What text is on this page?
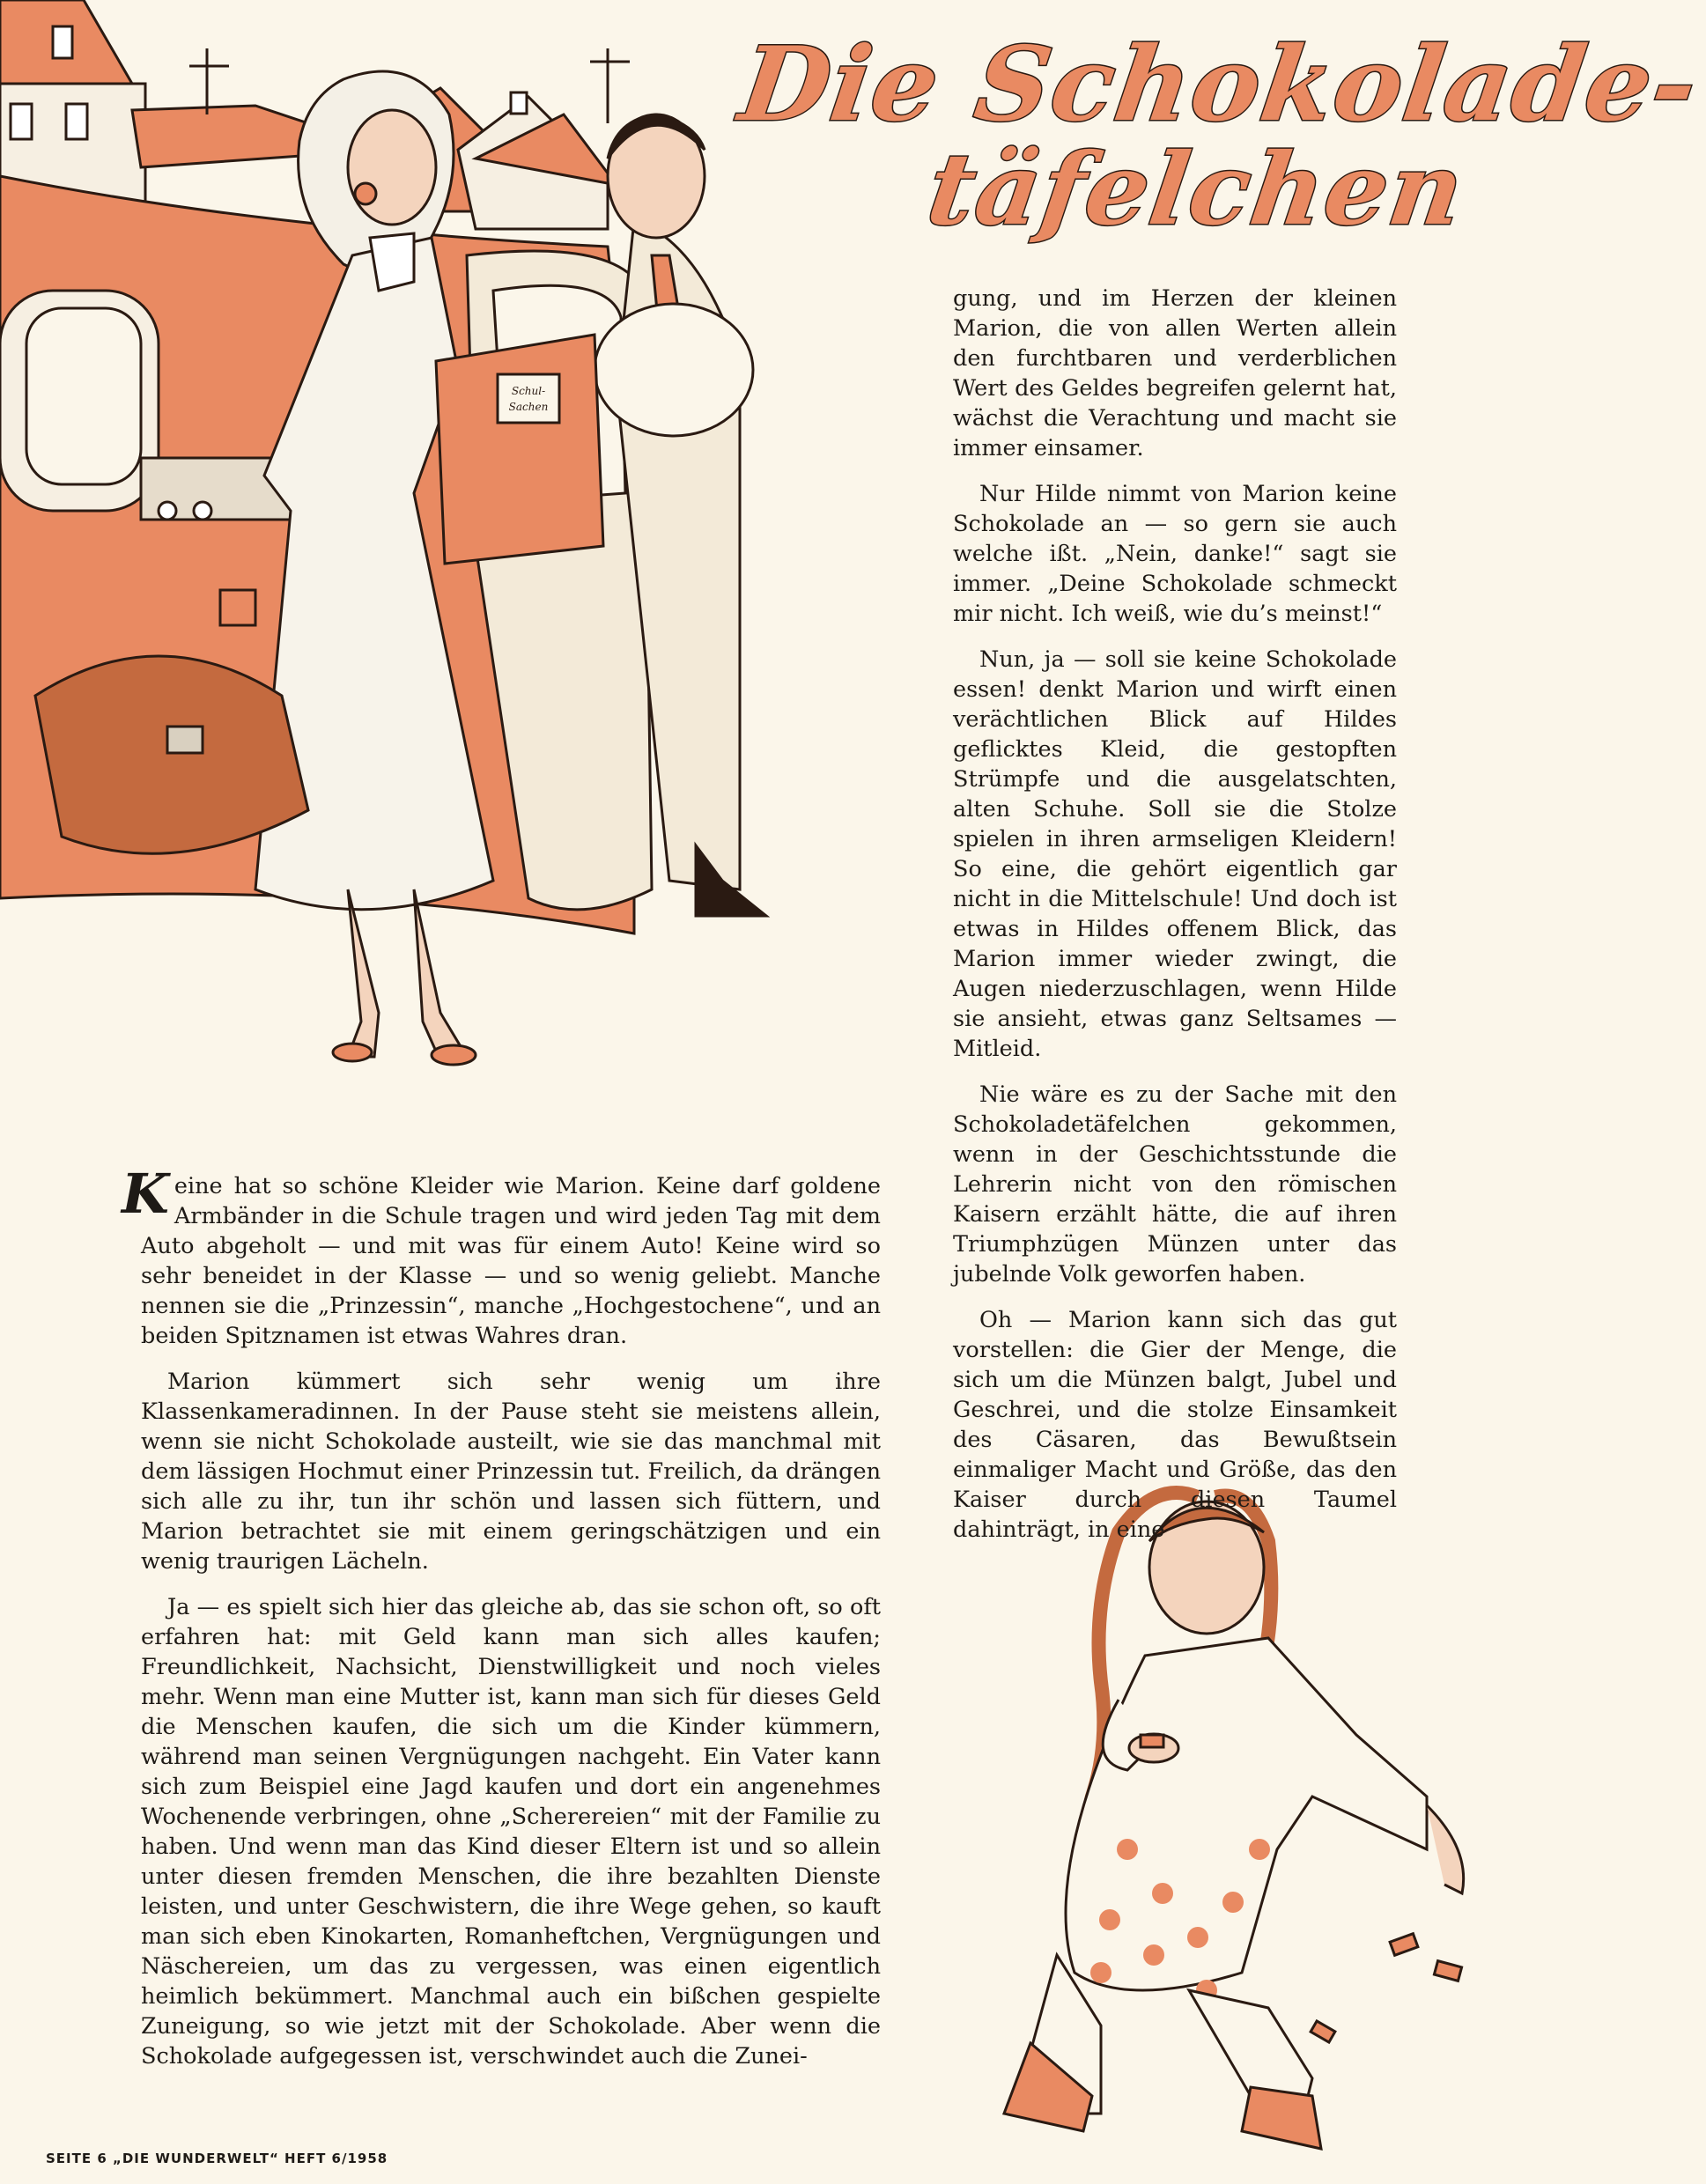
Schul-
Sachen
Die Schokolade-
täfelchen

gung, und im Herzen der kleinen Marion, die von allen Werten allein den furchtbaren und verderblichen Wert des Geldes begreifen gelernt hat, wächst die Verachtung und macht sie immer einsamer.

Nur Hilde nimmt von Marion keine Schokolade an — so gern sie auch welche ißt. „Nein, danke!“ sagt sie immer. „Deine Schokolade schmeckt mir nicht. Ich weiß, wie du’s meinst!“

Nun, ja — soll sie keine Schokolade essen! denkt Marion und wirft einen verächtlichen Blick auf Hildes geflicktes Kleid, die gestopften Strümpfe und die ausgelatschten, alten Schuhe. Soll sie die Stolze spielen in ihren armseligen Kleidern! So eine, die gehört eigentlich gar nicht in die Mittelschule! Und doch ist etwas in Hildes offenem Blick, das Marion immer wieder zwingt, die Augen niederzuschlagen, wenn Hilde sie ansieht, etwas ganz Seltsames — Mitleid.

Nie wäre es zu der Sache mit den Schokoladetäfelchen gekommen, wenn in der Geschichtsstunde die Lehrerin nicht von den römischen Kaisern erzählt hätte, die auf ihren Triumphzügen Münzen unter das jubelnde Volk geworfen haben.

Oh — Marion kann sich das gut vorstellen: die Gier der Menge, die sich um die Münzen balgt, Jubel und Geschrei, und die stolze Einsamkeit des Cäsaren, das Bewußtsein einmaliger Macht und Größe, das den Kaiser durch diesen Taumel dahinträgt, in eine

Keine hat so schöne Kleider wie Marion. Keine darf goldene Armbänder in die Schule tragen und wird jeden Tag mit dem Auto abgeholt — und mit was für einem Auto! Keine wird so sehr beneidet in der Klasse — und so wenig geliebt. Manche nennen sie die „Prinzessin“, manche „Hochgestochene“, und an beiden Spitznamen ist etwas Wahres dran.

Marion kümmert sich sehr wenig um ihre Klassenkameradinnen. In der Pause steht sie meistens allein, wenn sie nicht Schokolade austeilt, wie sie das manchmal mit dem lässigen Hochmut einer Prinzessin tut. Freilich, da drängen sich alle zu ihr, tun ihr schön und lassen sich füttern, und Marion betrachtet sie mit einem geringschätzigen und ein wenig traurigen Lächeln.

Ja — es spielt sich hier das gleiche ab, das sie schon oft, so oft erfahren hat: mit Geld kann man sich alles kaufen; Freundlichkeit, Nachsicht, Dienstwilligkeit und noch vieles mehr. Wenn man eine Mutter ist, kann man sich für dieses Geld die Menschen kaufen, die sich um die Kinder kümmern, während man seinen Vergnügungen nachgeht. Ein Vater kann sich zum Beispiel eine Jagd kaufen und dort ein angenehmes Wochenende verbringen, ohne „Scherereien“ mit der Familie zu haben. Und wenn man das Kind dieser Eltern ist und so allein unter diesen fremden Menschen, die ihre bezahlten Dienste leisten, und unter Geschwistern, die ihre Wege gehen, so kauft man sich eben Kinokarten, Romanheftchen, Vergnügungen und Näschereien, um das zu vergessen, was einen eigentlich heimlich bekümmert. Manchmal auch ein bißchen gespielte Zuneigung, so wie jetzt mit der Schokolade. Aber wenn die Schokolade aufgegessen ist, verschwindet auch die Zunei-

SEITE 6 „DIE WUNDERWELT“ HEFT 6/1958
